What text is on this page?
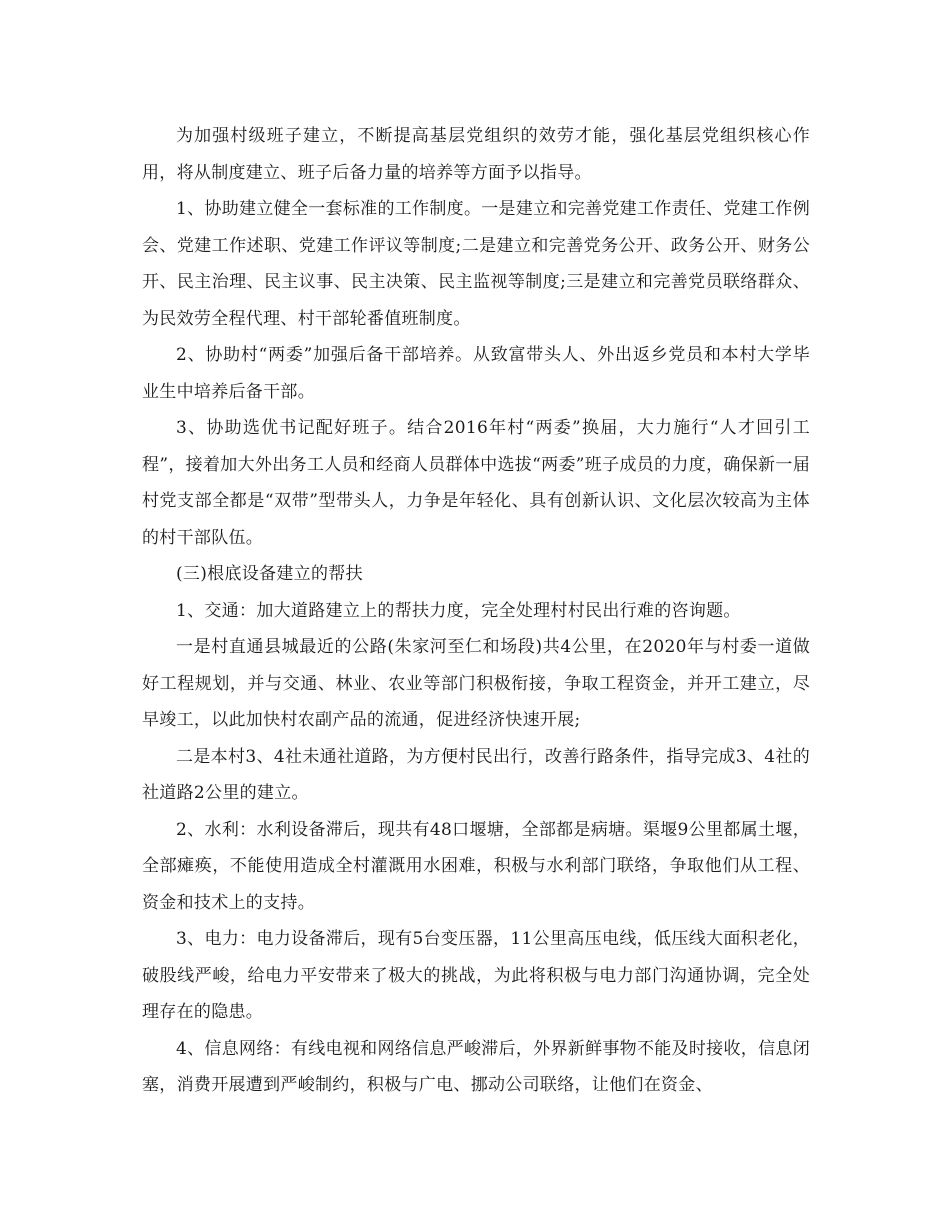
为加强村级班子建立，不断提高基层党组织的效劳才能，强化基层党组织核心作用，将从制度建立、班子后备力量的培养等方面予以指导。

1、协助建立健全一套标准的工作制度。一是建立和完善党建工作责任、党建工作例会、党建工作述职、党建工作评议等制度;二是建立和完善党务公开、政务公开、财务公开、民主治理、民主议事、民主决策、民主监视等制度;三是建立和完善党员联络群众、为民效劳全程代理、村干部轮番值班制度。

2、协助村“两委”加强后备干部培养。从致富带头人、外出返乡党员和本村大学毕业生中培养后备干部。

3、协助选优书记配好班子。结合2016年村“两委”换届，大力施行“人才回引工程”，接着加大外出务工人员和经商人员群体中选拔“两委”班子成员的力度，确保新一届村党支部全都是“双带”型带头人，力争是年轻化、具有创新认识、文化层次较高为主体的村干部队伍。

(三)根底设备建立的帮扶

1、交通：加大道路建立上的帮扶力度，完全处理村村民出行难的咨询题。

一是村直通县城最近的公路(朱家河至仁和场段)共4公里，在2020年与村委一道做好工程规划，并与交通、林业、农业等部门积极衔接，争取工程资金，并开工建立，尽早竣工，以此加快村农副产品的流通，促进经济快速开展;

二是本村3、4社未通社道路，为方便村民出行，改善行路条件，指导完成3、4社的社道路2公里的建立。

2、水利：水利设备滞后，现共有48口堰塘，全部都是病塘。渠堰9公里都属土堰，全部瘫痪，不能使用造成全村灌溉用水困难，积极与水利部门联络，争取他们从工程、资金和技术上的支持。

3、电力：电力设备滞后，现有5台变压器，11公里高压电线，低压线大面积老化，破股线严峻，给电力平安带来了极大的挑战，为此将积极与电力部门沟通协调，完全处理存在的隐患。

4、信息网络：有线电视和网络信息严峻滞后，外界新鲜事物不能及时接收，信息闭塞，消费开展遭到严峻制约，积极与广电、挪动公司联络，让他们在资金、
